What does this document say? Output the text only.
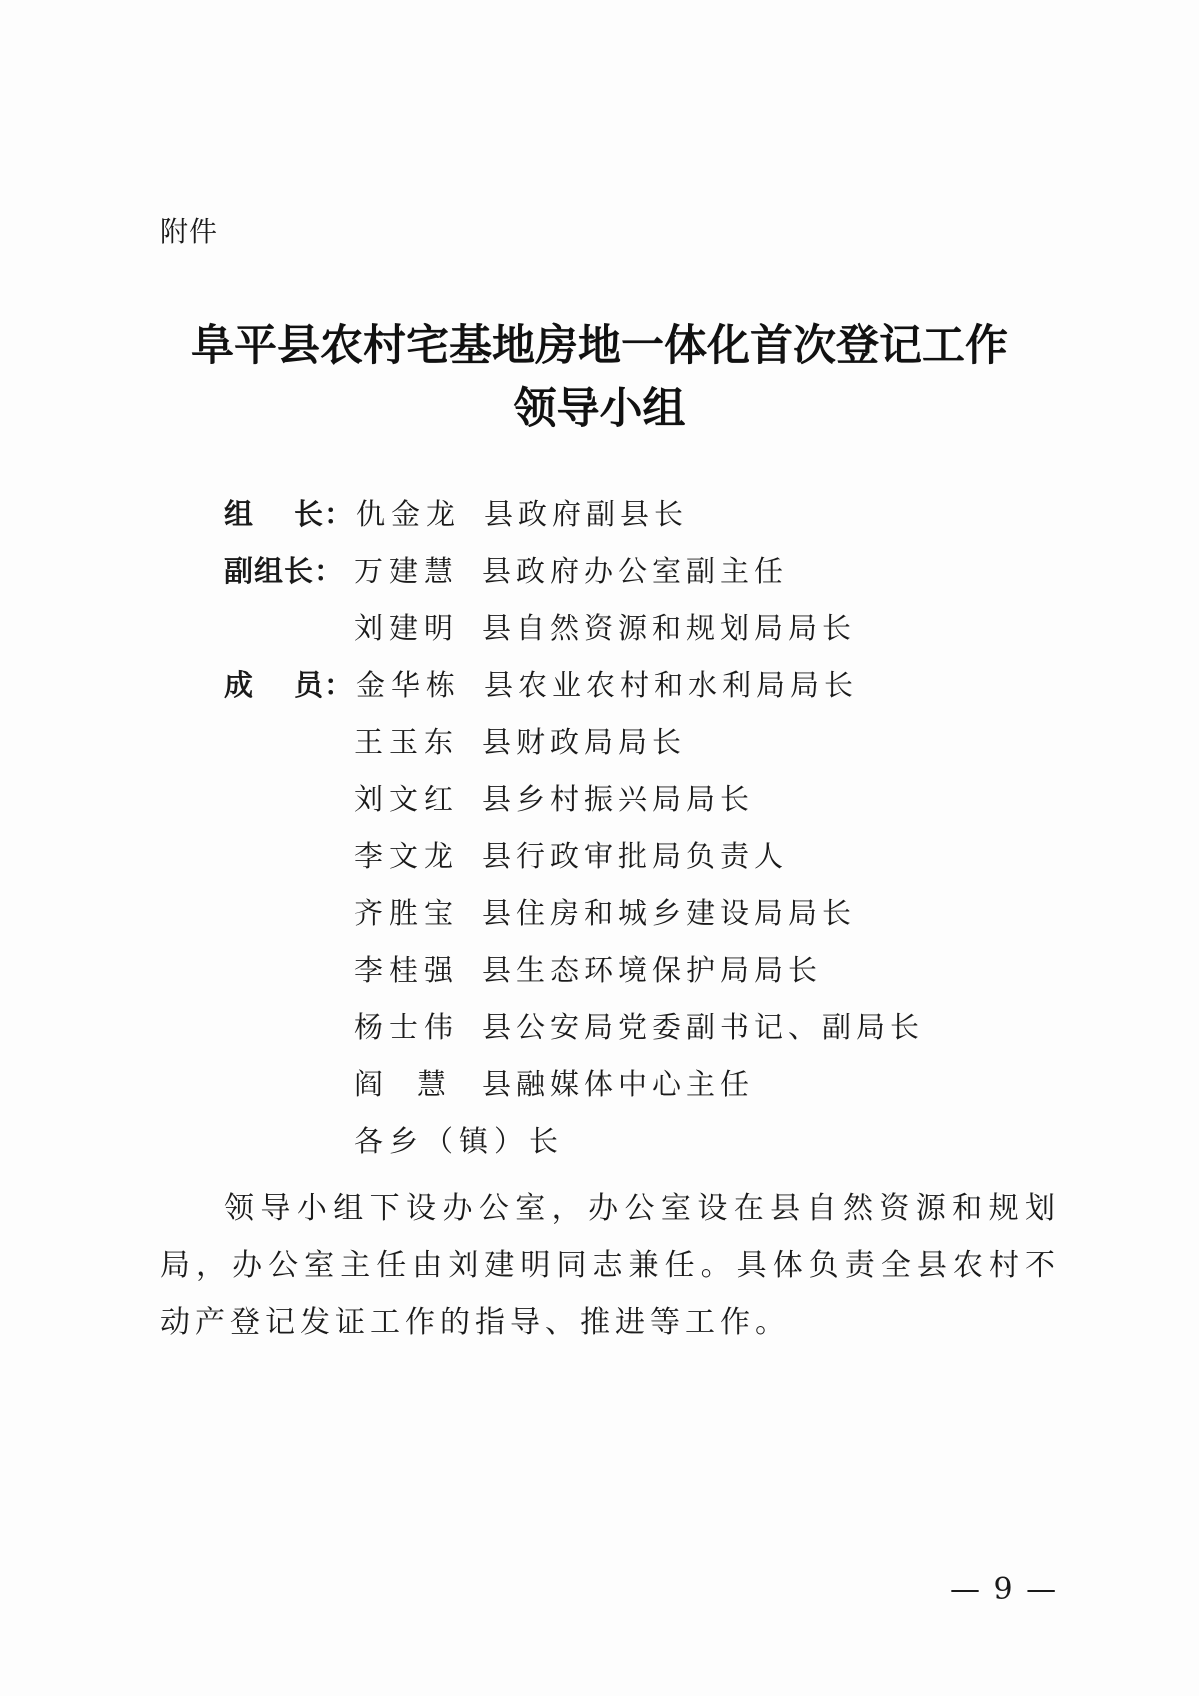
附件
阜平县农村宅基地房地一体化首次登记工作
领导小组
组 长： 仇金龙 县政府副县长
副组长： 万建慧 县政府办公室副主任
刘建明 县自然资源和规划局局长
成 员： 金华栋 县农业农村和水利局局长
王玉东 县财政局局长
刘文红 县乡村振兴局局长
李文龙 县行政审批局负责人
齐胜宝 县住房和城乡建设局局长
李桂强 县生态环境保护局局长
杨士伟 县公安局党委副书记、副局长
阎 慧 县融媒体中心主任
各乡（镇）长

领导小组下设办公室，办公室设在县自然资源和规划局，办公室主任由刘建明同志兼任。具体负责全县农村不动产登记发证工作的指导、推进等工作。

— 9 —
